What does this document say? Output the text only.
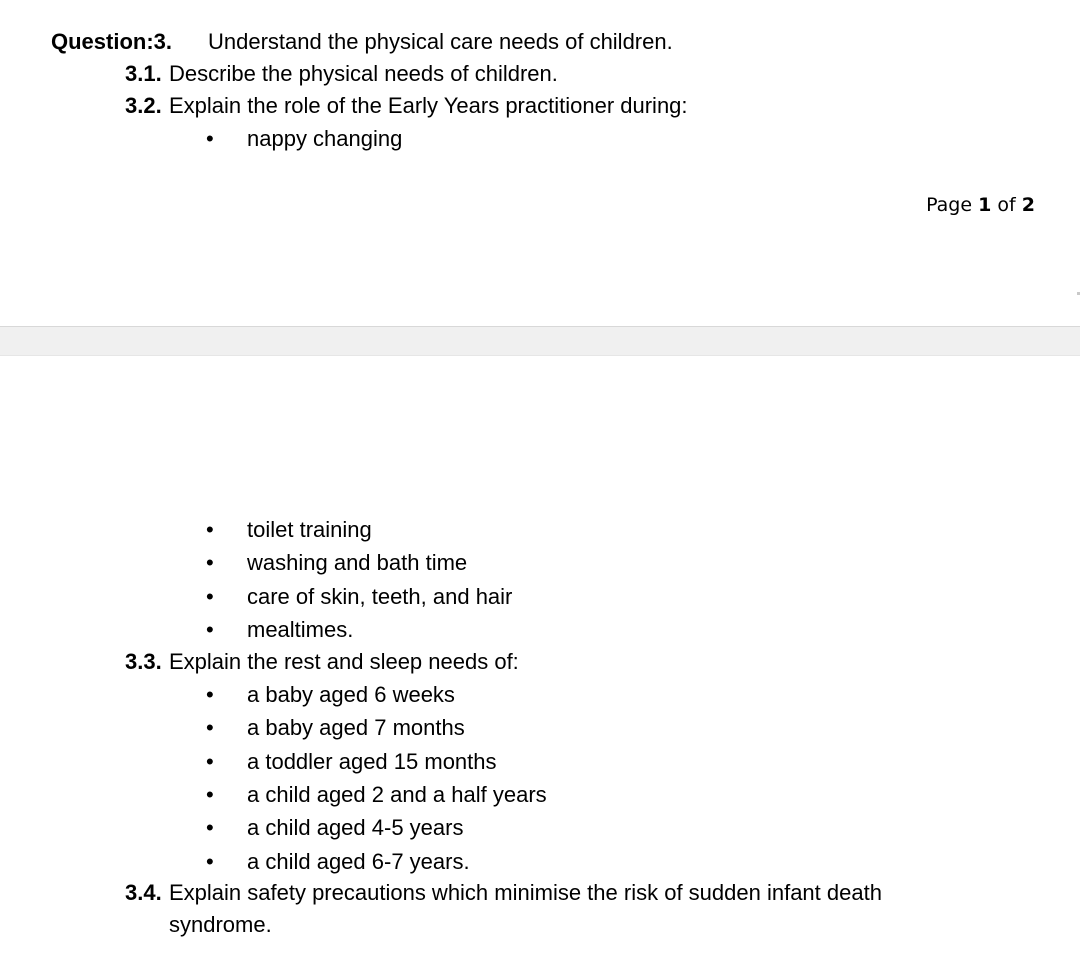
Question:3. Understand the physical care needs of children.
3.1. Describe the physical needs of children.
3.2. Explain the role of the Early Years practitioner during:
• nappy changing
Page 1 of 2
• toilet training
• washing and bath time
• care of skin, teeth, and hair
• mealtimes.
3.3. Explain the rest and sleep needs of:
• a baby aged 6 weeks
• a baby aged 7 months
• a toddler aged 15 months
• a child aged 2 and a half years
• a child aged 4-5 years
• a child aged 6-7 years.
3.4. Explain safety precautions which minimise the risk of sudden infant death
syndrome.
